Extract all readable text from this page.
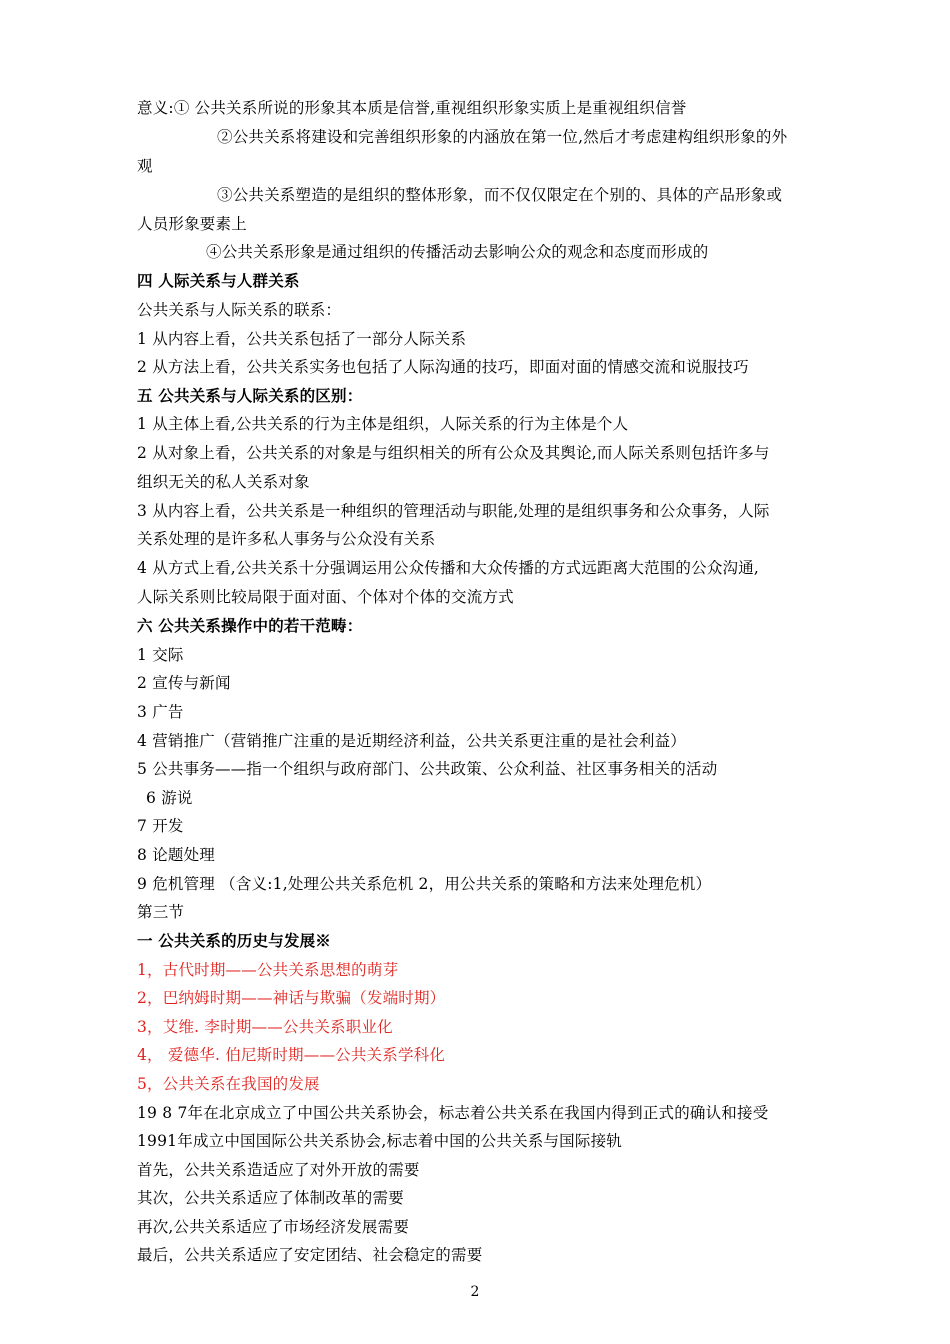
意义:① 公共关系所说的形象其本质是信誉,重视组织形象实质上是重视组织信誉
②公共关系将建设和完善组织形象的内涵放在第一位,然后才考虑建构组织形象的外
观
③公共关系塑造的是组织的整体形象，而不仅仅限定在个别的、具体的产品形象或
人员形象要素上
④公共关系形象是通过组织的传播活动去影响公众的观念和态度而形成的
四 人际关系与人群关系
公共关系与人际关系的联系：
1 从内容上看，公共关系包括了一部分人际关系
2 从方法上看，公共关系实务也包括了人际沟通的技巧，即面对面的情感交流和说服技巧
五 公共关系与人际关系的区别：
1 从主体上看,公共关系的行为主体是组织，人际关系的行为主体是个人
2 从对象上看，公共关系的对象是与组织相关的所有公众及其舆论,而人际关系则包括许多与
组织无关的私人关系对象
3 从内容上看，公共关系是一种组织的管理活动与职能,处理的是组织事务和公众事务，人际
关系处理的是许多私人事务与公众没有关系
4 从方式上看,公共关系十分强调运用公众传播和大众传播的方式远距离大范围的公众沟通,
人际关系则比较局限于面对面、个体对个体的交流方式
六 公共关系操作中的若干范畴：
1 交际
2 宣传与新闻
3 广告
4 营销推广（营销推广注重的是近期经济利益，公共关系更注重的是社会利益）
5 公共事务——指一个组织与政府部门、公共政策、公众利益、社区事务相关的活动
6 游说
7 开发
8 论题处理
9 危机管理 （含义:1,处理公共关系危机 2，用公共关系的策略和方法来处理危机）
第三节
一 公共关系的历史与发展※
1，古代时期——公共关系思想的萌芽
2，巴纳姆时期——神话与欺骗（发端时期）
3，艾维. 李时期——公共关系职业化
4， 爱德华. 伯尼斯时期——公共关系学科化
5，公共关系在我国的发展
19 8 7年在北京成立了中国公共关系协会，标志着公共关系在我国内得到正式的确认和接受
1991年成立中国国际公共关系协会,标志着中国的公共关系与国际接轨
首先，公共关系造适应了对外开放的需要
其次，公共关系适应了体制改革的需要
再次,公共关系适应了市场经济发展需要
最后，公共关系适应了安定团结、社会稳定的需要
2
